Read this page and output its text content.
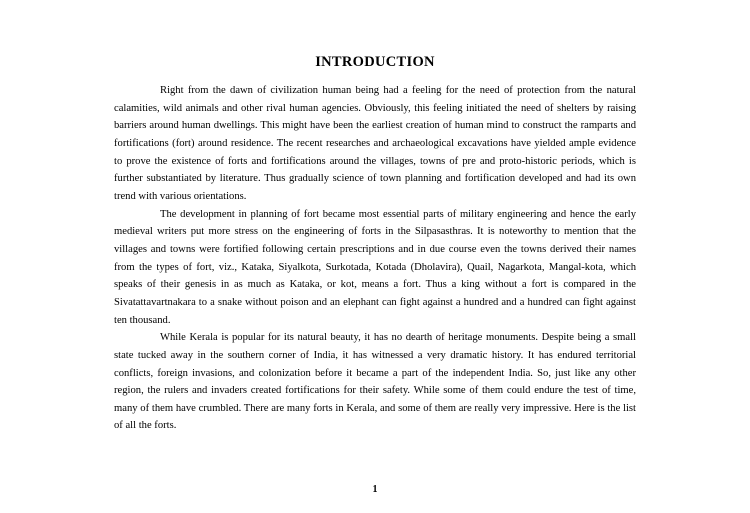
INTRODUCTION

Right from the dawn of civilization human being had a feeling for the need of protection from the natural calamities, wild animals and other rival human agencies. Obviously, this feeling initiated the need of shelters by raising barriers around human dwellings. This might have been the earliest creation of human mind to construct the ramparts and fortifications (fort) around residence. The recent researches and archaeological excavations have yielded ample evidence to prove the existence of forts and fortifications around the villages, towns of pre and proto-historic periods, which is further substantiated by literature. Thus gradually science of town planning and fortification developed and had its own trend with various orientations.

The development in planning of fort became most essential parts of military engineering and hence the early medieval writers put more stress on the engineering of forts in the Silpasasthras. It is noteworthy to mention that the villages and towns were fortified following certain prescriptions and in due course even the towns derived their names from the types of fort, viz., Kataka, Siyalkota, Surkotada, Kotada (Dholavira), Quail, Nagarkota, Mangal-kota, which speaks of their genesis in as much as Kataka, or kot, means a fort. Thus a king without a fort is compared in the Sivatattavartnakara to a snake without poison and an elephant can fight against a hundred and a hundred can fight against ten thousand.

While Kerala is popular for its natural beauty, it has no dearth of heritage monuments. Despite being a small state tucked away in the southern corner of India, it has witnessed a very dramatic history. It has endured territorial conflicts, foreign invasions, and colonization before it became a part of the independent India. So, just like any other region, the rulers and invaders created fortifications for their safety. While some of them could endure the test of time, many of them have crumbled. There are many forts in Kerala, and some of them are really very impressive. Here is the list of all the forts.

1
